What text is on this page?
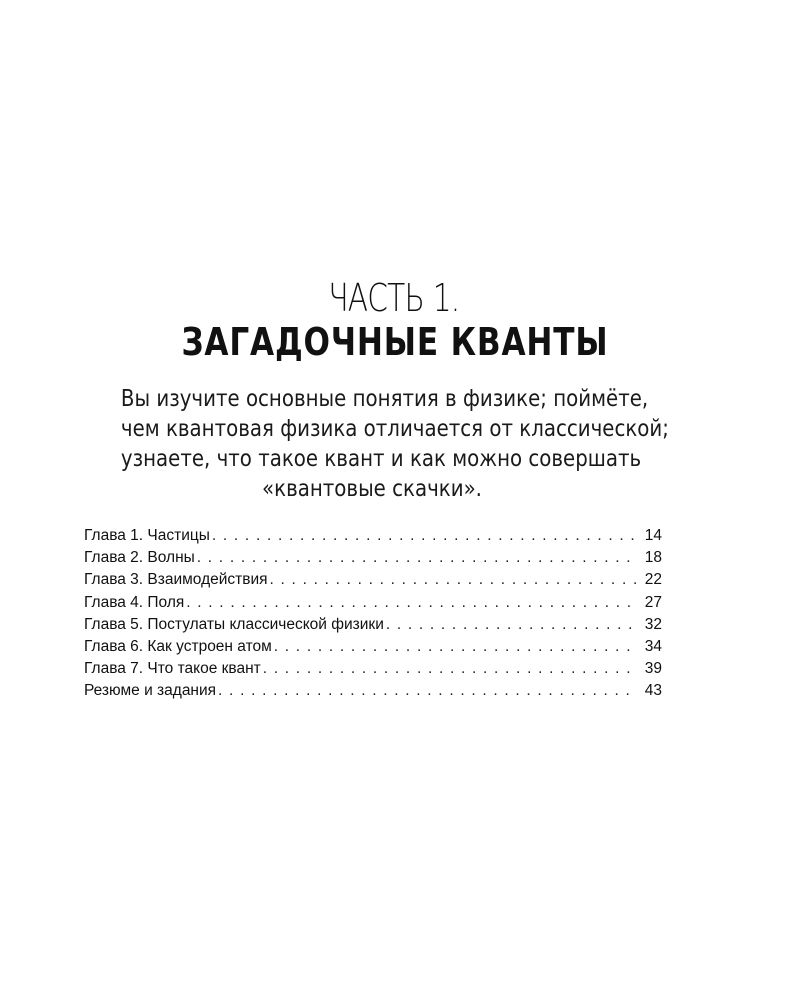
ЧАСТЬ 1.
ЗАГАДОЧНЫЕ КВАНТЫ

Вы изучите основные понятия в физике; поймёте,
чем квантовая физика отличается от классической;
узнаете, что такое квант и как можно совершать
«квантовые скачки».

Глава 1. Частицы . . .	14
Глава 2. Волны . . .	18
Глава 3. Взаимодействия . . .	22
Глава 4. Поля . . .	27
Глава 5. Постулаты классической физики . . .	32
Глава 6. Как устроен атом . . .	34
Глава 7. Что такое квант . . .	39
Резюме и задания . . .	43
